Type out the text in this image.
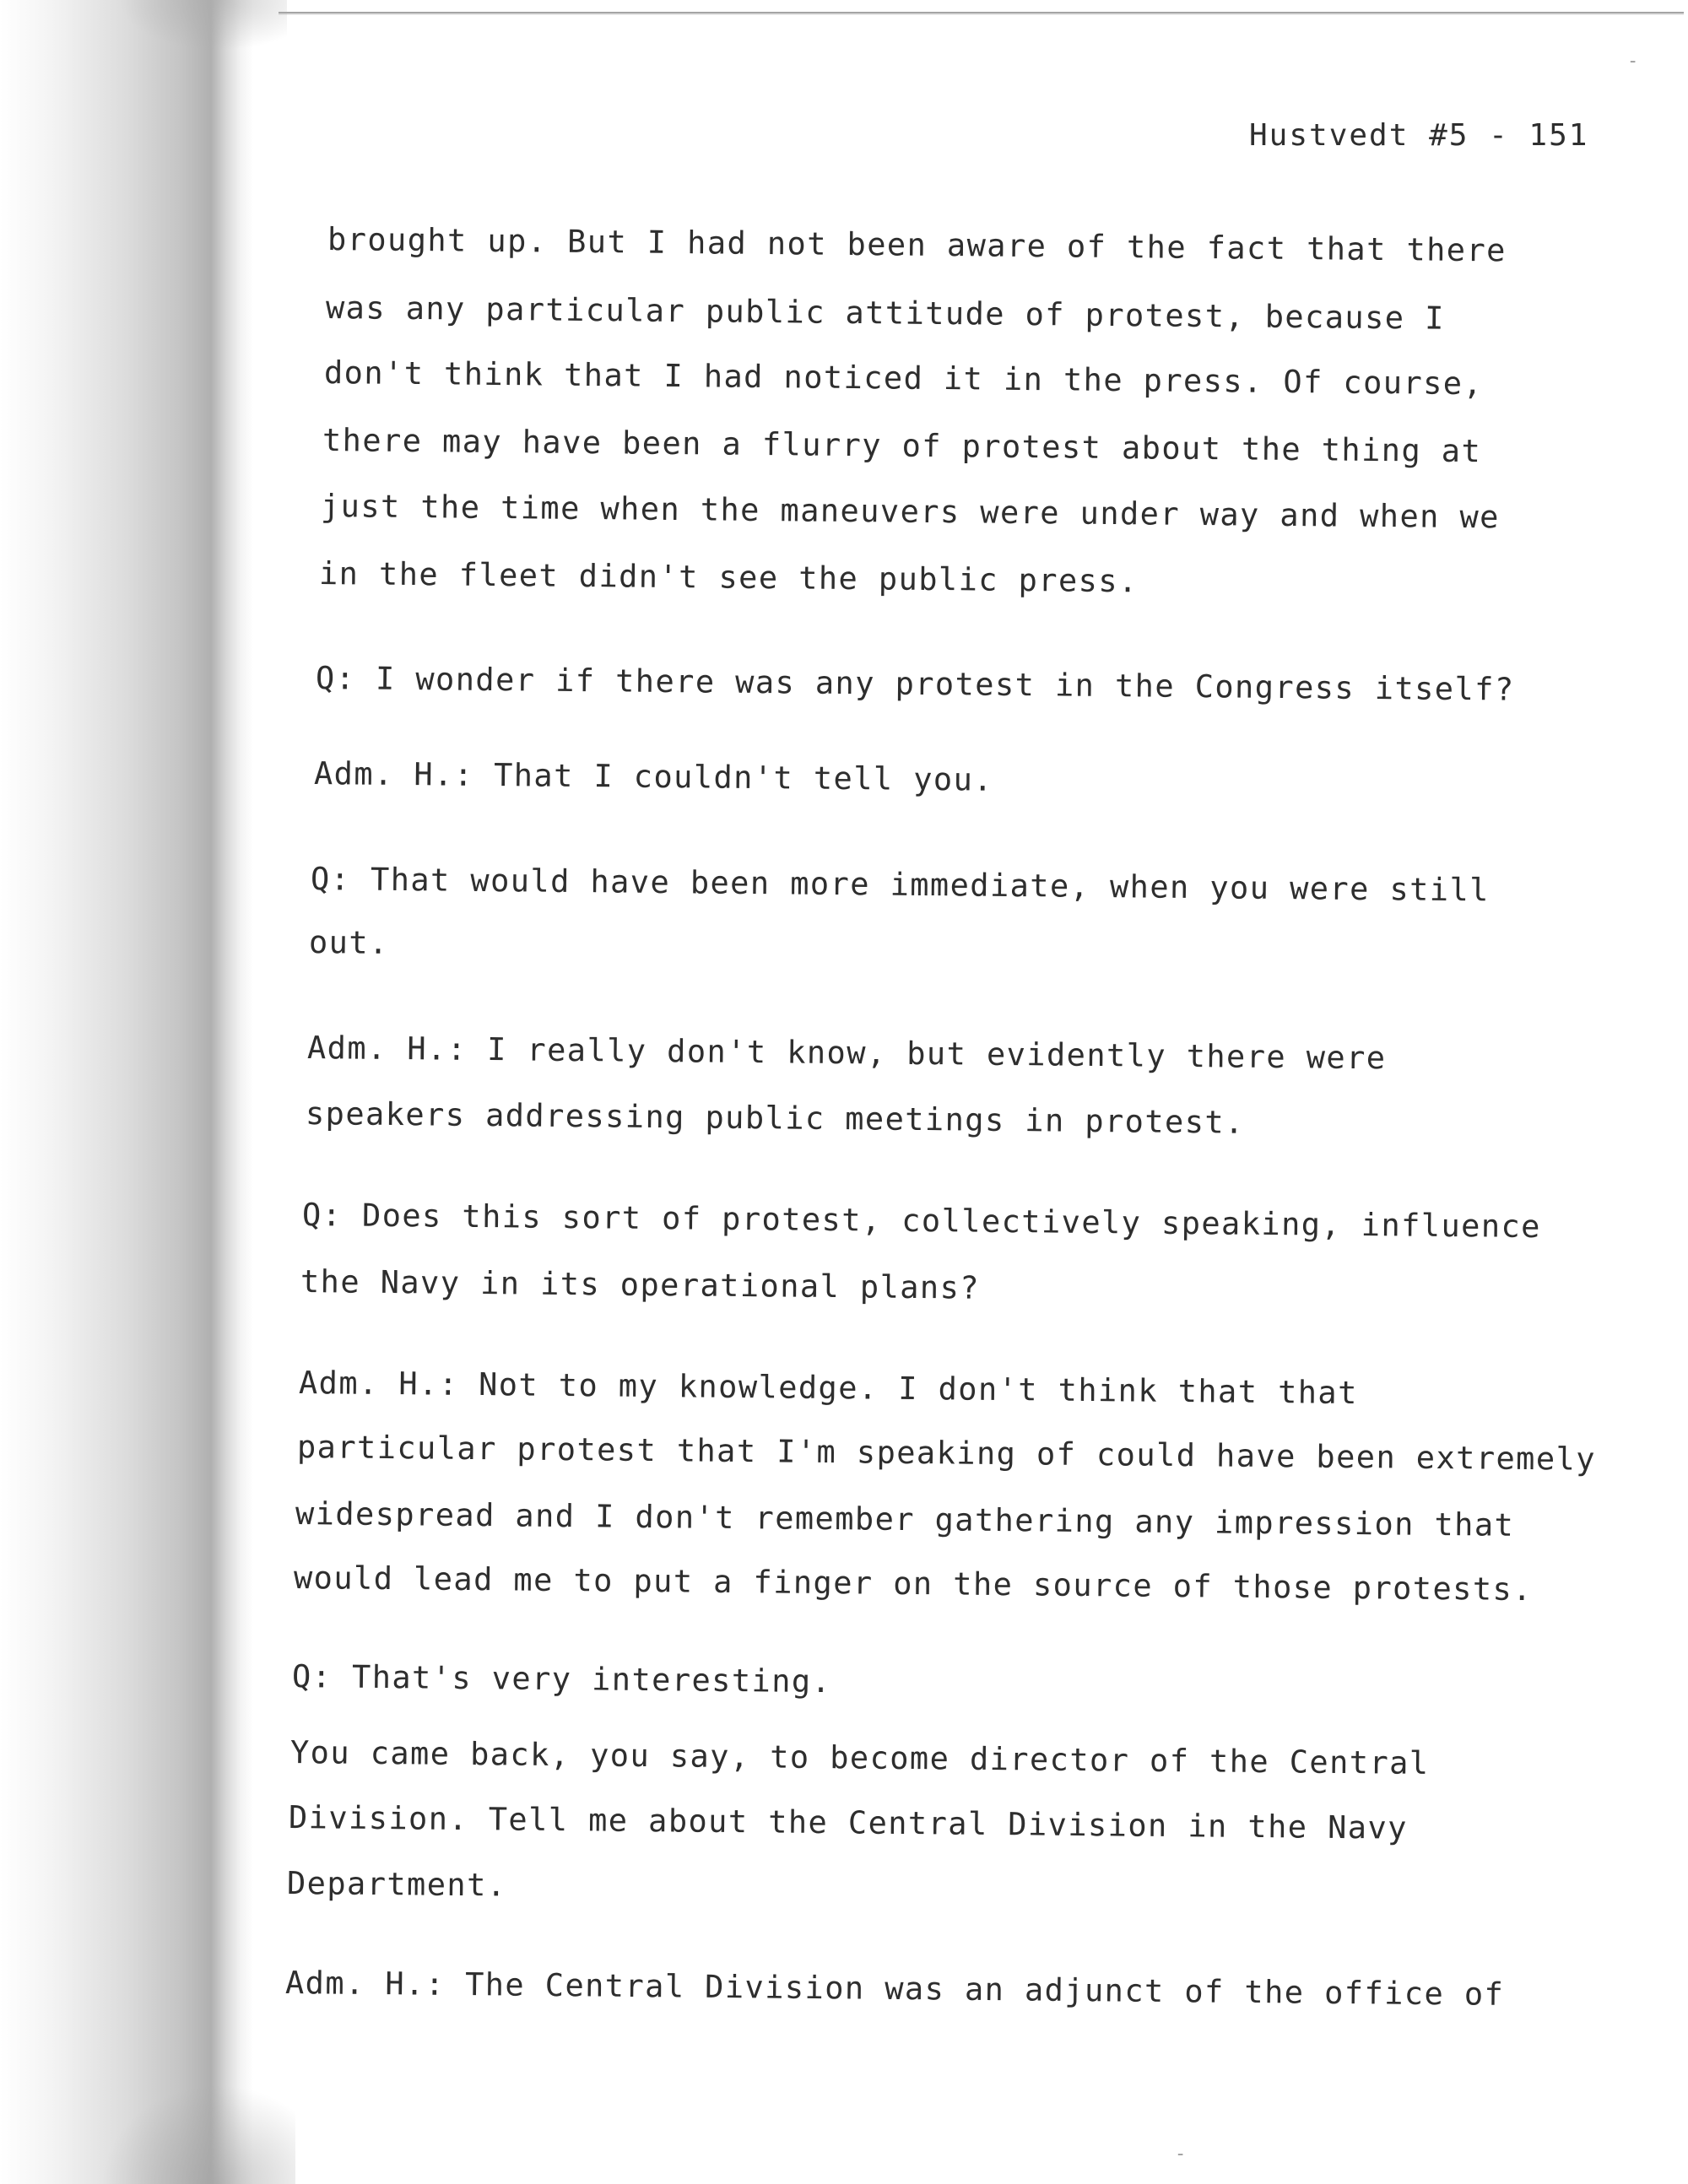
Hustvedt #5 - 151
brought up. But I had not been aware of the fact that there
was any particular public attitude of protest, because I
don't think that I had noticed it in the press. Of course,
there may have been a flurry of protest about the thing at
just the time when the maneuvers were under way and when we
in the fleet didn't see the public press.
Q: I wonder if there was any protest in the Congress itself?
Adm. H.: That I couldn't tell you.
Q: That would have been more immediate, when you were still
out.
Adm. H.: I really don't know, but evidently there were
speakers addressing public meetings in protest.
Q: Does this sort of protest, collectively speaking, influence
the Navy in its operational plans?
Adm. H.: Not to my knowledge. I don't think that that
particular protest that I'm speaking of could have been extremely
widespread and I don't remember gathering any impression that
would lead me to put a finger on the source of those protests.
Q: That's very interesting.
You came back, you say, to become director of the Central
Division. Tell me about the Central Division in the Navy
Department.
Adm. H.: The Central Division was an adjunct of the office of
-
-
